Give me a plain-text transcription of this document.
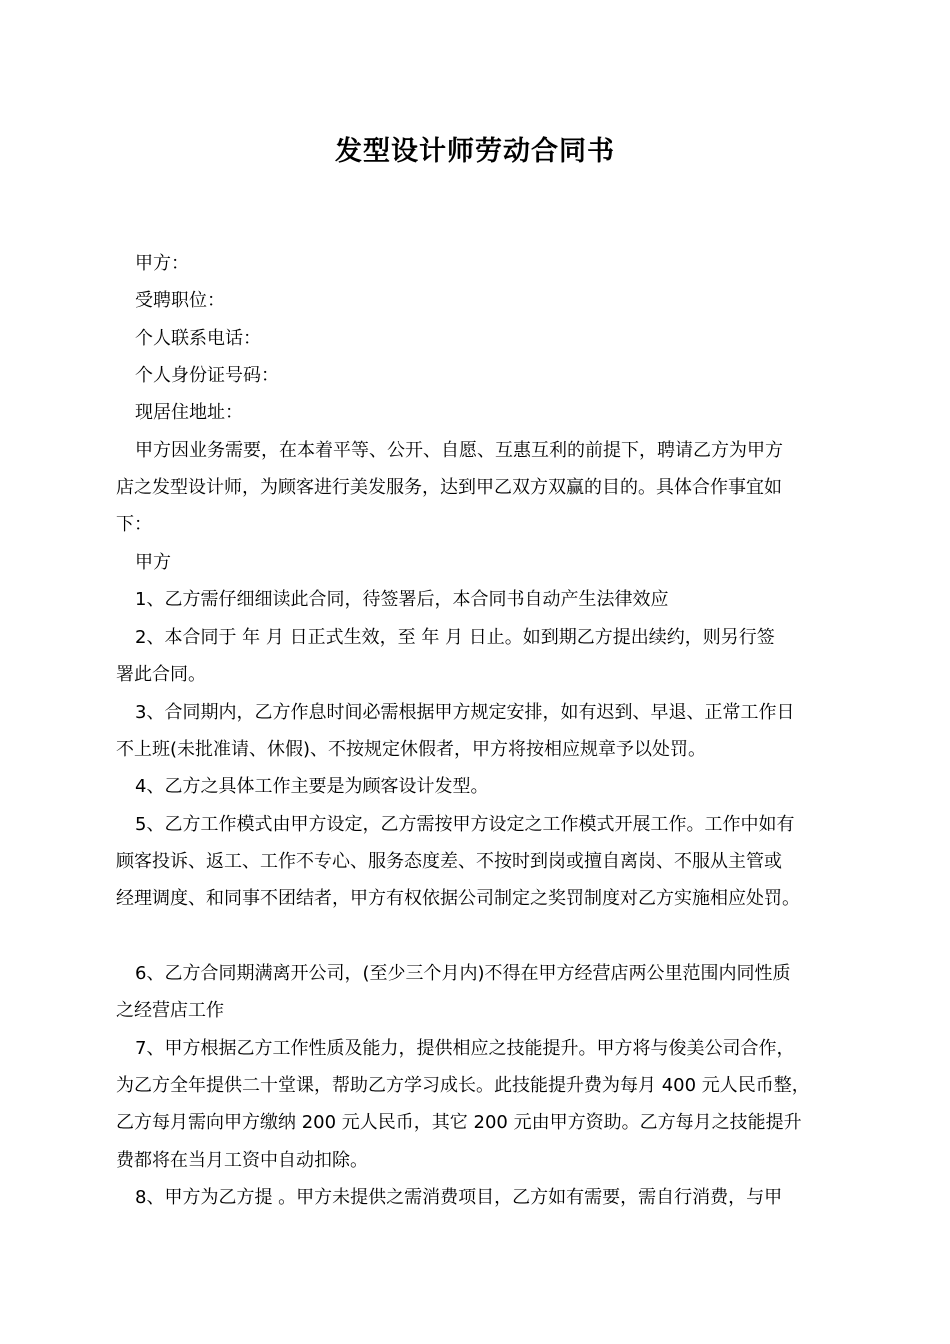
发型设计师劳动合同书
甲方：
受聘职位：
个人联系电话：
个人身份证号码：
现居住地址：
甲方因业务需要，在本着平等、公开、自愿、互惠互利的前提下，聘请乙方为甲方
店之发型设计师，为顾客进行美发服务，达到甲乙双方双赢的目的。具体合作事宜如
下：
甲方
1、乙方需仔细细读此合同，待签署后，本合同书自动产生法律效应
2、本合同于 年 月 日正式生效，至 年 月 日止。如到期乙方提出续约，则另行签
署此合同。
3、合同期内，乙方作息时间必需根据甲方规定安排，如有迟到、早退、正常工作日
不上班(未批准请、休假)、不按规定休假者，甲方将按相应规章予以处罚。
4、乙方之具体工作主要是为顾客设计发型。
5、乙方工作模式由甲方设定，乙方需按甲方设定之工作模式开展工作。工作中如有
顾客投诉、返工、工作不专心、服务态度差、不按时到岗或擅自离岗、不服从主管或
经理调度、和同事不团结者，甲方有权依据公司制定之奖罚制度对乙方实施相应处罚。
6、乙方合同期满离开公司，(至少三个月内)不得在甲方经营店两公里范围内同性质
之经营店工作
7、甲方根据乙方工作性质及能力，提供相应之技能提升。甲方将与俊美公司合作，
为乙方全年提供二十堂课，帮助乙方学习成长。此技能提升费为每月 400 元人民币整，
乙方每月需向甲方缴纳 200 元人民币，其它 200 元由甲方资助。乙方每月之技能提升
费都将在当月工资中自动扣除。
8、甲方为乙方提 。甲方未提供之需消费项目，乙方如有需要，需自行消费，与甲
